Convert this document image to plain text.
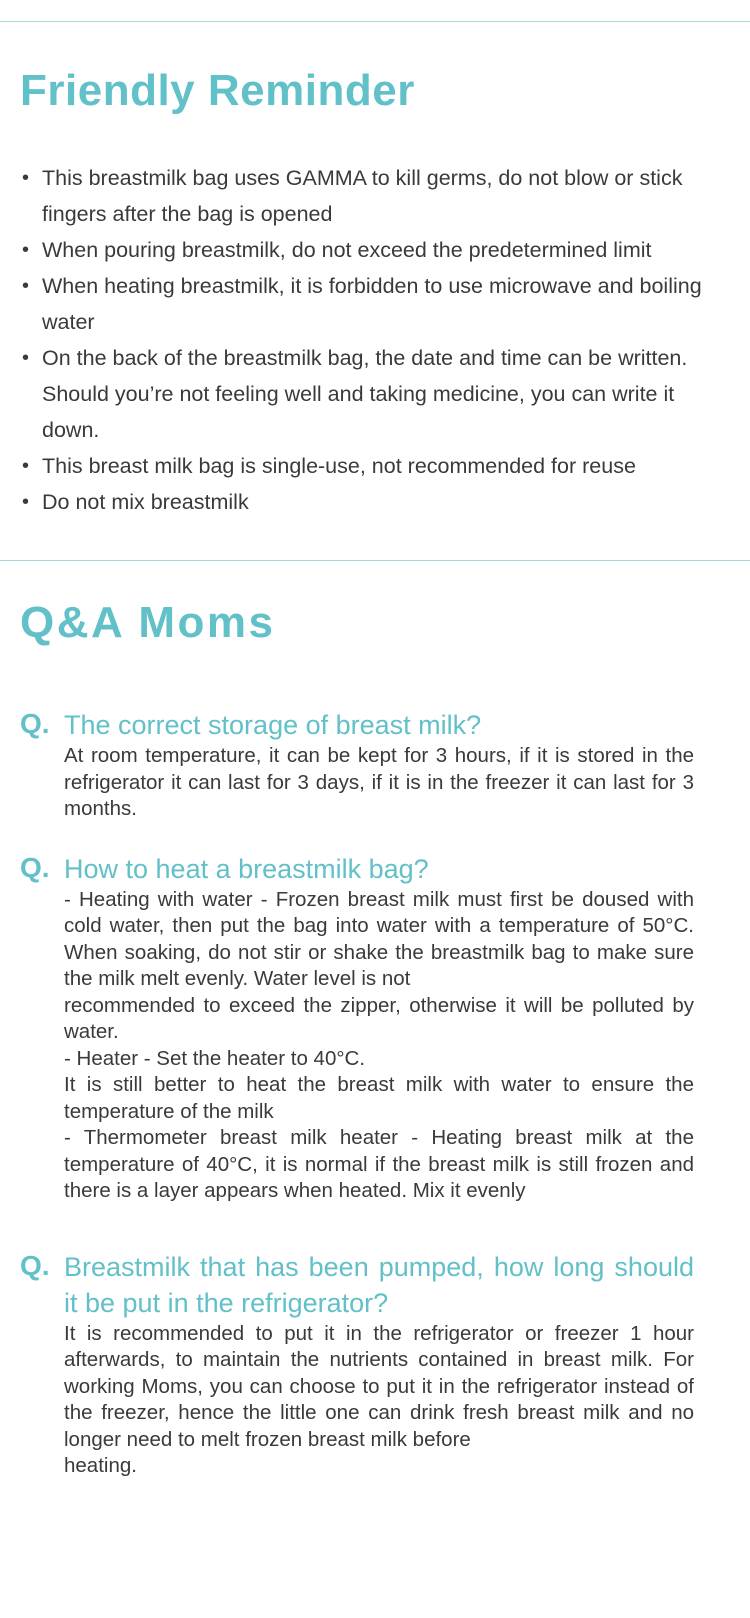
Friendly Reminder
• This breastmilk bag uses GAMMA to kill germs, do not blow or stick fingers after the bag is opened
• When pouring breastmilk, do not exceed the predetermined limit
• When heating breastmilk, it is forbidden to use microwave and boiling water
• On the back of the breastmilk bag, the date and time can be written. Should you’re not feeling well and taking medicine, you can write it down.
• This breast milk bag is single-use, not recommended for reuse
• Do not mix breastmilk
Q&A Moms
Q. The correct storage of breast milk?

At room temperature, it can be kept for 3 hours, if it is stored in the refrigerator it can last for 3 days, if it is in the freezer it can last for 3 months.

Q. How to heat a breastmilk bag?

- Heating with water - Frozen breast milk must first be doused with cold water, then put the bag into water with a temperature of 50°C. When soaking, do not stir or shake the breastmilk bag to make sure the milk melt evenly. Water level is not
recommended to exceed the zipper, otherwise it will be polluted by water.
- Heater - Set the heater to 40°C.
It is still better to heat the breast milk with water to ensure the temperature of the milk
- Thermometer breast milk heater - Heating breast milk at the temperature of 40°C, it is normal if the breast milk is still frozen and there is a layer appears when heated. Mix it evenly

Q. Breastmilk that has been pumped, how long should it be put in the refrigerator?

It is recommended to put it in the refrigerator or freezer 1 hour afterwards, to maintain the nutrients contained in breast milk. For working Moms, you can choose to put it in the refrigerator instead of the freezer, hence the little one can drink fresh breast milk and no longer need to melt frozen breast milk before
heating.
